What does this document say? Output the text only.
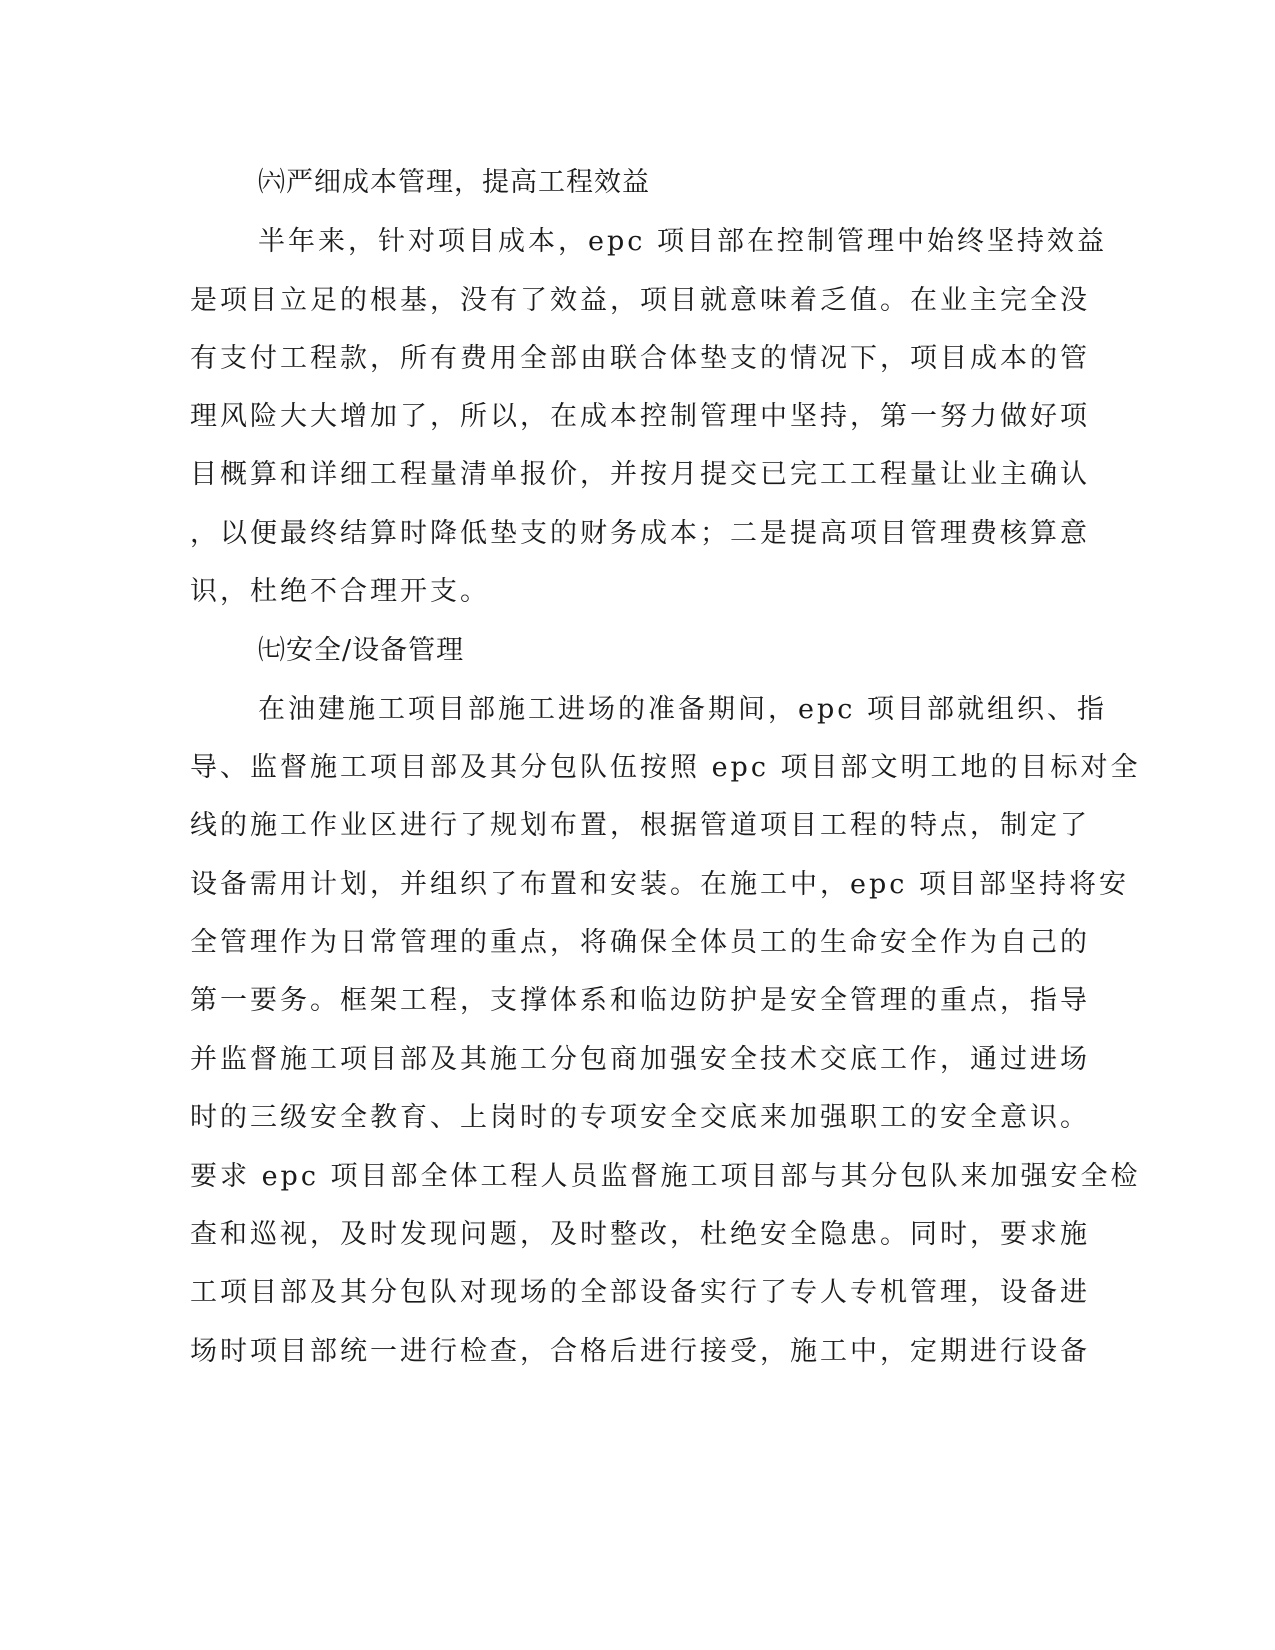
㈥严细成本管理，提高工程效益
半年来，针对项目成本，epc 项目部在控制管理中始终坚持效益
是项目立足的根基，没有了效益，项目就意味着乏值。在业主完全没
有支付工程款，所有费用全部由联合体垫支的情况下，项目成本的管
理风险大大增加了，所以，在成本控制管理中坚持，第一努力做好项
目概算和详细工程量清单报价，并按月提交已完工工程量让业主确认
，以便最终结算时降低垫支的财务成本；二是提高项目管理费核算意
识，杜绝不合理开支。
㈦安全/设备管理
在油建施工项目部施工进场的准备期间，epc 项目部就组织、指
导、监督施工项目部及其分包队伍按照 epc 项目部文明工地的目标对全
线的施工作业区进行了规划布置，根据管道项目工程的特点，制定了
设备需用计划，并组织了布置和安装。在施工中，epc 项目部坚持将安
全管理作为日常管理的重点，将确保全体员工的生命安全作为自己的
第一要务。框架工程，支撑体系和临边防护是安全管理的重点，指导
并监督施工项目部及其施工分包商加强安全技术交底工作，通过进场
时的三级安全教育、上岗时的专项安全交底来加强职工的安全意识。
要求 epc 项目部全体工程人员监督施工项目部与其分包队来加强安全检
查和巡视，及时发现问题，及时整改，杜绝安全隐患。同时，要求施
工项目部及其分包队对现场的全部设备实行了专人专机管理，设备进
场时项目部统一进行检查，合格后进行接受，施工中，定期进行设备
